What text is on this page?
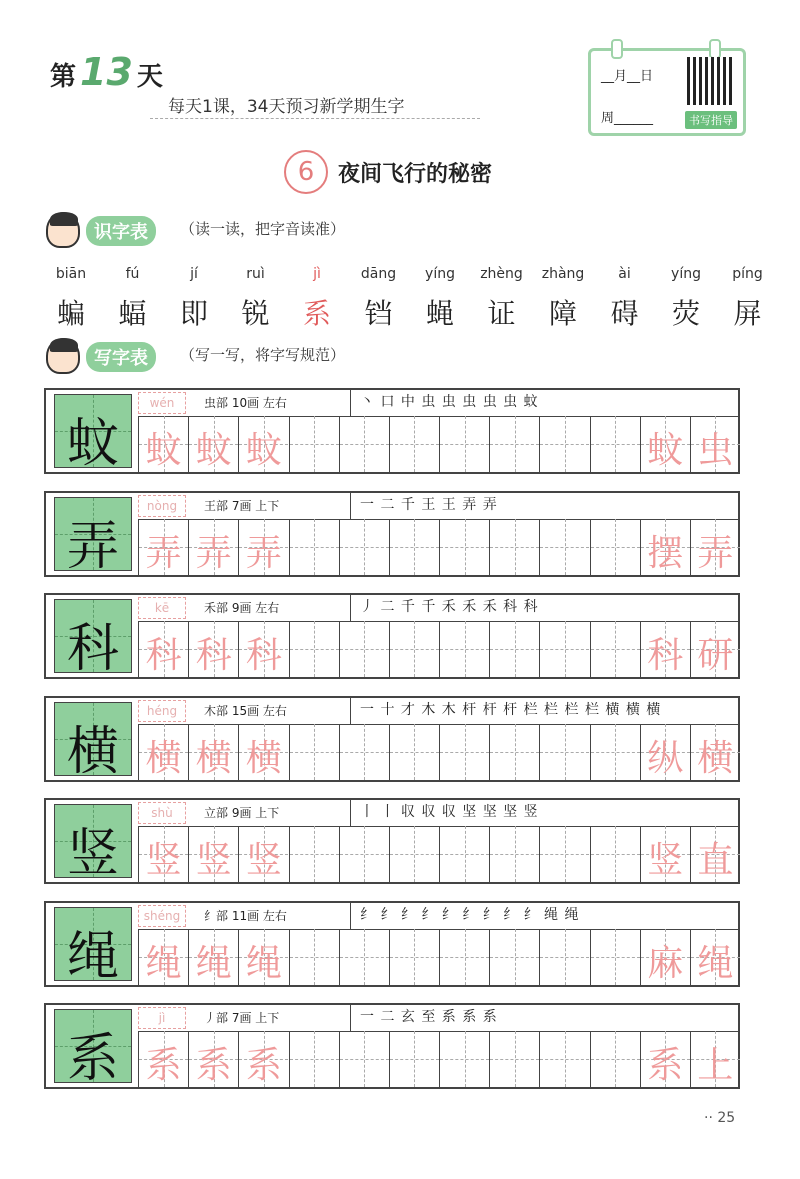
第 13 天
每天1课，34天预习新学期生字
__月__日
周______	书写指导
6	夜间飞行的秘密
识字表	（读一读，把字音读准）
biān
蝙
fú
蝠
jí
即
ruì
锐
jì
系
dāng
铛
yíng
蝇
zhèng
证
zhàng
障
ài
碍
yíng
荧
píng
屏
写字表	（写一写，将字写规范）
蚊
wén	虫部 10画 左右	丶 口 中 虫 虫 虫 虫 虫 蚊
蚊 蚊 蚊	蚊 虫
弄
nòng	王部 7画 上下	一 二 千 王 王 弄 弄
弄 弄 弄	摆 弄
科
kē	禾部 9画 左右	丿 二 千 千 禾 禾 禾 科 科
科 科 科	科 研
横
héng	木部 15画 左右	一 十 才 木 木 杆 杆 杆 栏 栏 栏 栏 横 横 横
横 横 横	纵 横
竖
shù	立部 9画 上下	丨 丨 収 収 収 坚 坚 坚 竖
竖 竖 竖	竖 直
绳
shéng	纟部 11画 左右	纟 纟 纟 纟 纟 纟 纟 纟 纟 绳 绳
绳 绳 绳	麻 绳
系
jì	丿部 7画 上下	一 二 玄 至 系 系 系
系 系 系	系 上
·· 25
